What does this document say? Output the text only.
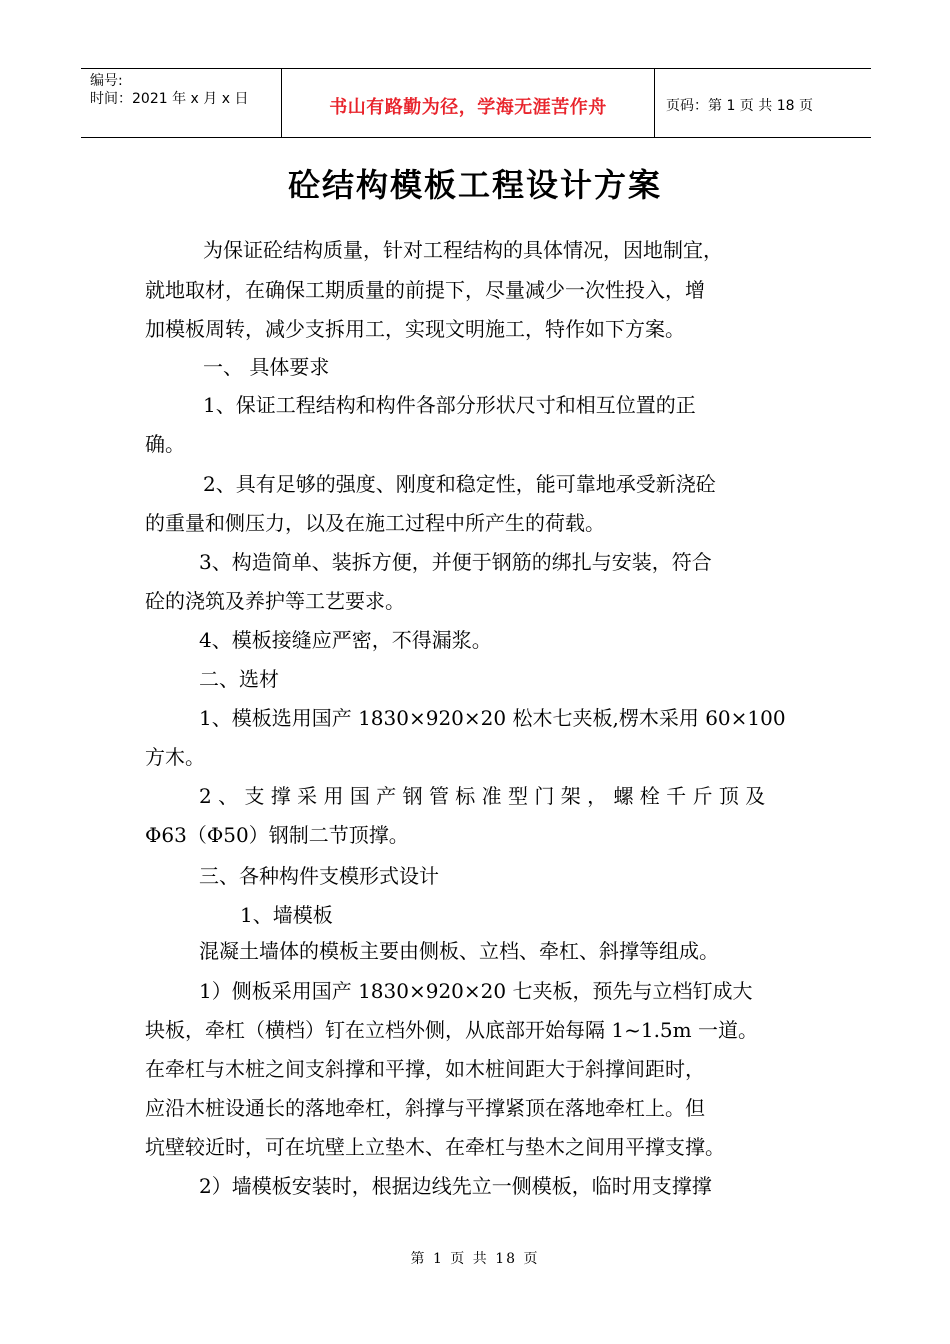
编号:
时间：2021 年 x 月 x 日	书山有路勤为径，学海无涯苦作舟	页码：第 1 页 共 18 页
砼结构模板工程设计方案
为保证砼结构质量，针对工程结构的具体情况，因地制宜，
就地取材，在确保工期质量的前提下，尽量减少一次性投入，增
加模板周转，减少支拆用工，实现文明施工，特作如下方案。
一、 具体要求
1、保证工程结构和构件各部分形状尺寸和相互位置的正
确。
2、具有足够的强度、刚度和稳定性，能可靠地承受新浇砼
的重量和侧压力，以及在施工过程中所产生的荷载。
3、构造简单、装拆方便，并便于钢筋的绑扎与安装，符合
砼的浇筑及养护等工艺要求。
4、模板接缝应严密，不得漏浆。
二、选材
1、模板选用国产 1830×920×20 松木七夹板,楞木采用 60×100
方木。
2 、 支 撑 采 用 国 产 钢 管 标 准 型 门 架 ， 螺 栓 千 斤 顶 及
Φ63（Φ50）钢制二节顶撑。
三、各种构件支模形式设计
1、墙模板
混凝土墙体的模板主要由侧板、立档、牵杠、斜撑等组成。
1）侧板采用国产 1830×920×20 七夹板，预先与立档钉成大
块板，牵杠（横档）钉在立档外侧，从底部开始每隔 1~1.5m 一道。
在牵杠与木桩之间支斜撑和平撑，如木桩间距大于斜撑间距时，
应沿木桩设通长的落地牵杠，斜撑与平撑紧顶在落地牵杠上。但
坑壁较近时，可在坑壁上立垫木、在牵杠与垫木之间用平撑支撑。
2）墙模板安装时，根据边线先立一侧模板，临时用支撑撑
第 1 页 共 18 页
